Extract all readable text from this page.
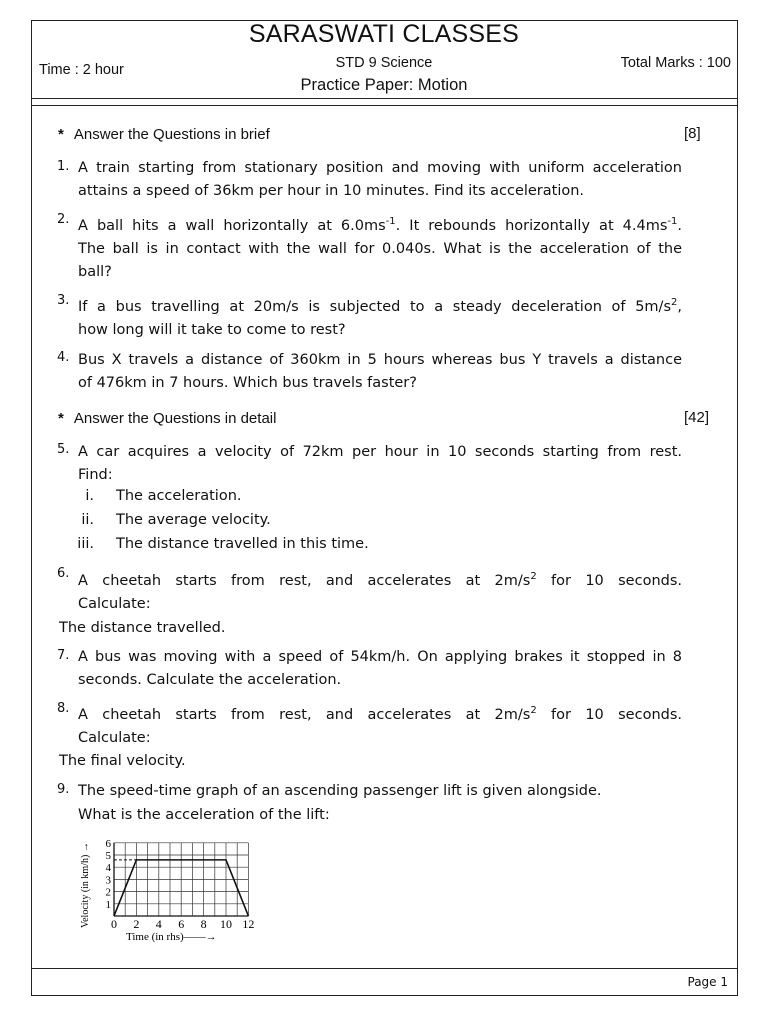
SARASWATI CLASSES
Time : 2 hour	STD 9 Science	Total Marks : 100
Practice Paper: Motion
* Answer the Questions in brief	[8]
1. A train starting from stationary position and moving with uniform acceleration
attains a speed of 36km per hour in 10 minutes. Find its acceleration.
2. A ball hits a wall horizontally at $6.0ms^{-1}$. It rebounds horizontally at $4.4ms^{-1}$.
The ball is in contact with the wall for 0.040s. What is the acceleration of the
ball?
3. If a bus travelling at 20m/s is subjected to a steady deceleration of $5m/s^2$,
how long will it take to come to rest?
4. Bus X travels a distance of 360km in 5 hours whereas bus Y travels a distance
of 476km in 7 hours. Which bus travels faster?
* Answer the Questions in detail	[42]
5. A car acquires a velocity of 72km per hour in 10 seconds starting from rest.
Find:
i. The acceleration.
ii. The average velocity.
iii. The distance travelled in this time.
6. A cheetah starts from rest, and accelerates at $2m/s^2$ for 10 seconds.
Calculate:
The distance travelled.
7. A bus was moving with a speed of 54km/h. On applying brakes it stopped in 8
seconds. Calculate the acceleration.
8. A cheetah starts from rest, and accelerates at $2m/s^2$ for 10 seconds.
Calculate:
The final velocity.
9. The speed-time graph of an ascending passenger lift is given alongside.
What is the acceleration of the lift:
0 2 4 6 8 10 12
1
2
3
4
5
6
Velocity (in km/h) →
Time (in rhs)——→
Page 1
